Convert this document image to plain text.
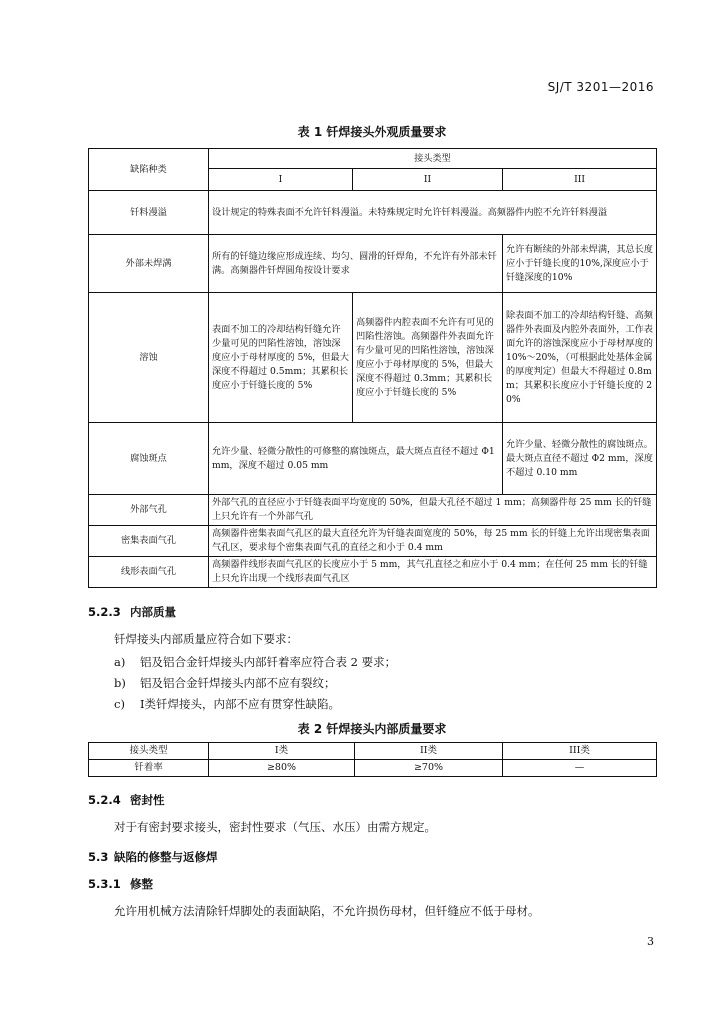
SJ/T 3201—2016
表 1 钎焊接头外观质量要求
缺陷种类	接头类型		
	I	II	III
钎料漫溢	设计规定的特殊表面不允许钎料漫溢。未特殊规定时允许钎料漫溢。高频器件内腔不允许钎料漫溢		
外部未焊满	所有的钎缝边缘应形成连续、均匀、圆滑的钎焊角，不允许有外部未钎满。高频器件钎焊圆角按设计要求		允许有断续的外部未焊满，其总长度应小于钎缝长度的10%,深度应小于钎缝深度的10%
溶蚀	表面不加工的冷却结构钎缝允许少量可见的凹陷性溶蚀，溶蚀深度应小于母材厚度的 5%，但最大深度不得超过 0.5mm；其累积长度应小于钎缝长度的 5%	高频器件内腔表面不允许有可见的凹陷性溶蚀。高频器件外表面允许有少量可见的凹陷性溶蚀，溶蚀深度应小于母材厚度的 5%，但最大深度不得超过 0.3mm；其累积长度应小于钎缝长度的 5%	除表面不加工的冷却结构钎缝、高频器件外表面及内腔外表面外，工作表面允许的溶蚀深度应小于母材厚度的10%～20%，（可根据此处基体金属的厚度判定）但最大不得超过 0.8mm；其累积长度应小于钎缝长度的 20%
腐蚀斑点	允许少量、轻微分散性的可修整的腐蚀斑点，最大斑点直径不超过 Φ1 mm，深度不超过 0.05 mm		允许少量、轻微分散性的腐蚀斑点。最大斑点直径不超过 Φ2 mm，深度不超过 0.10 mm
外部气孔	外部气孔的直径应小于钎缝表面平均宽度的 50%，但最大孔径不超过 1 mm；高频器件每 25 mm 长的钎缝上只允许有一个外部气孔		
密集表面气孔	高频器件密集表面气孔区的最大直径允许为钎缝表面宽度的 50%，每 25 mm 长的钎缝上允许出现密集表面气孔区，要求每个密集表面气孔的直径之和小于 0.4 mm		
线形表面气孔	高频器件线形表面气孔区的长度应小于 5 mm，其气孔直径之和应小于 0.4 mm；在任何 25 mm 长的钎缝上只允许出现一个线形表面气孔区		
5.2.3 内部质量
钎焊接头内部质量应符合如下要求：
a) 铝及铝合金钎焊接头内部钎着率应符合表 2 要求；
b) 铝及铝合金钎焊接头内部不应有裂纹；
c) Ⅰ类钎焊接头，内部不应有贯穿性缺陷。
表 2 钎焊接头内部质量要求
接头类型	I类	II类	III类
钎着率	≥80%	≥70%	—
5.2.4 密封性
对于有密封要求接头，密封性要求（气压、水压）由需方规定。
5.3 缺陷的修整与返修焊
5.3.1 修整
允许用机械方法清除钎焊脚处的表面缺陷，不允许损伤母材，但钎缝应不低于母材。
3
